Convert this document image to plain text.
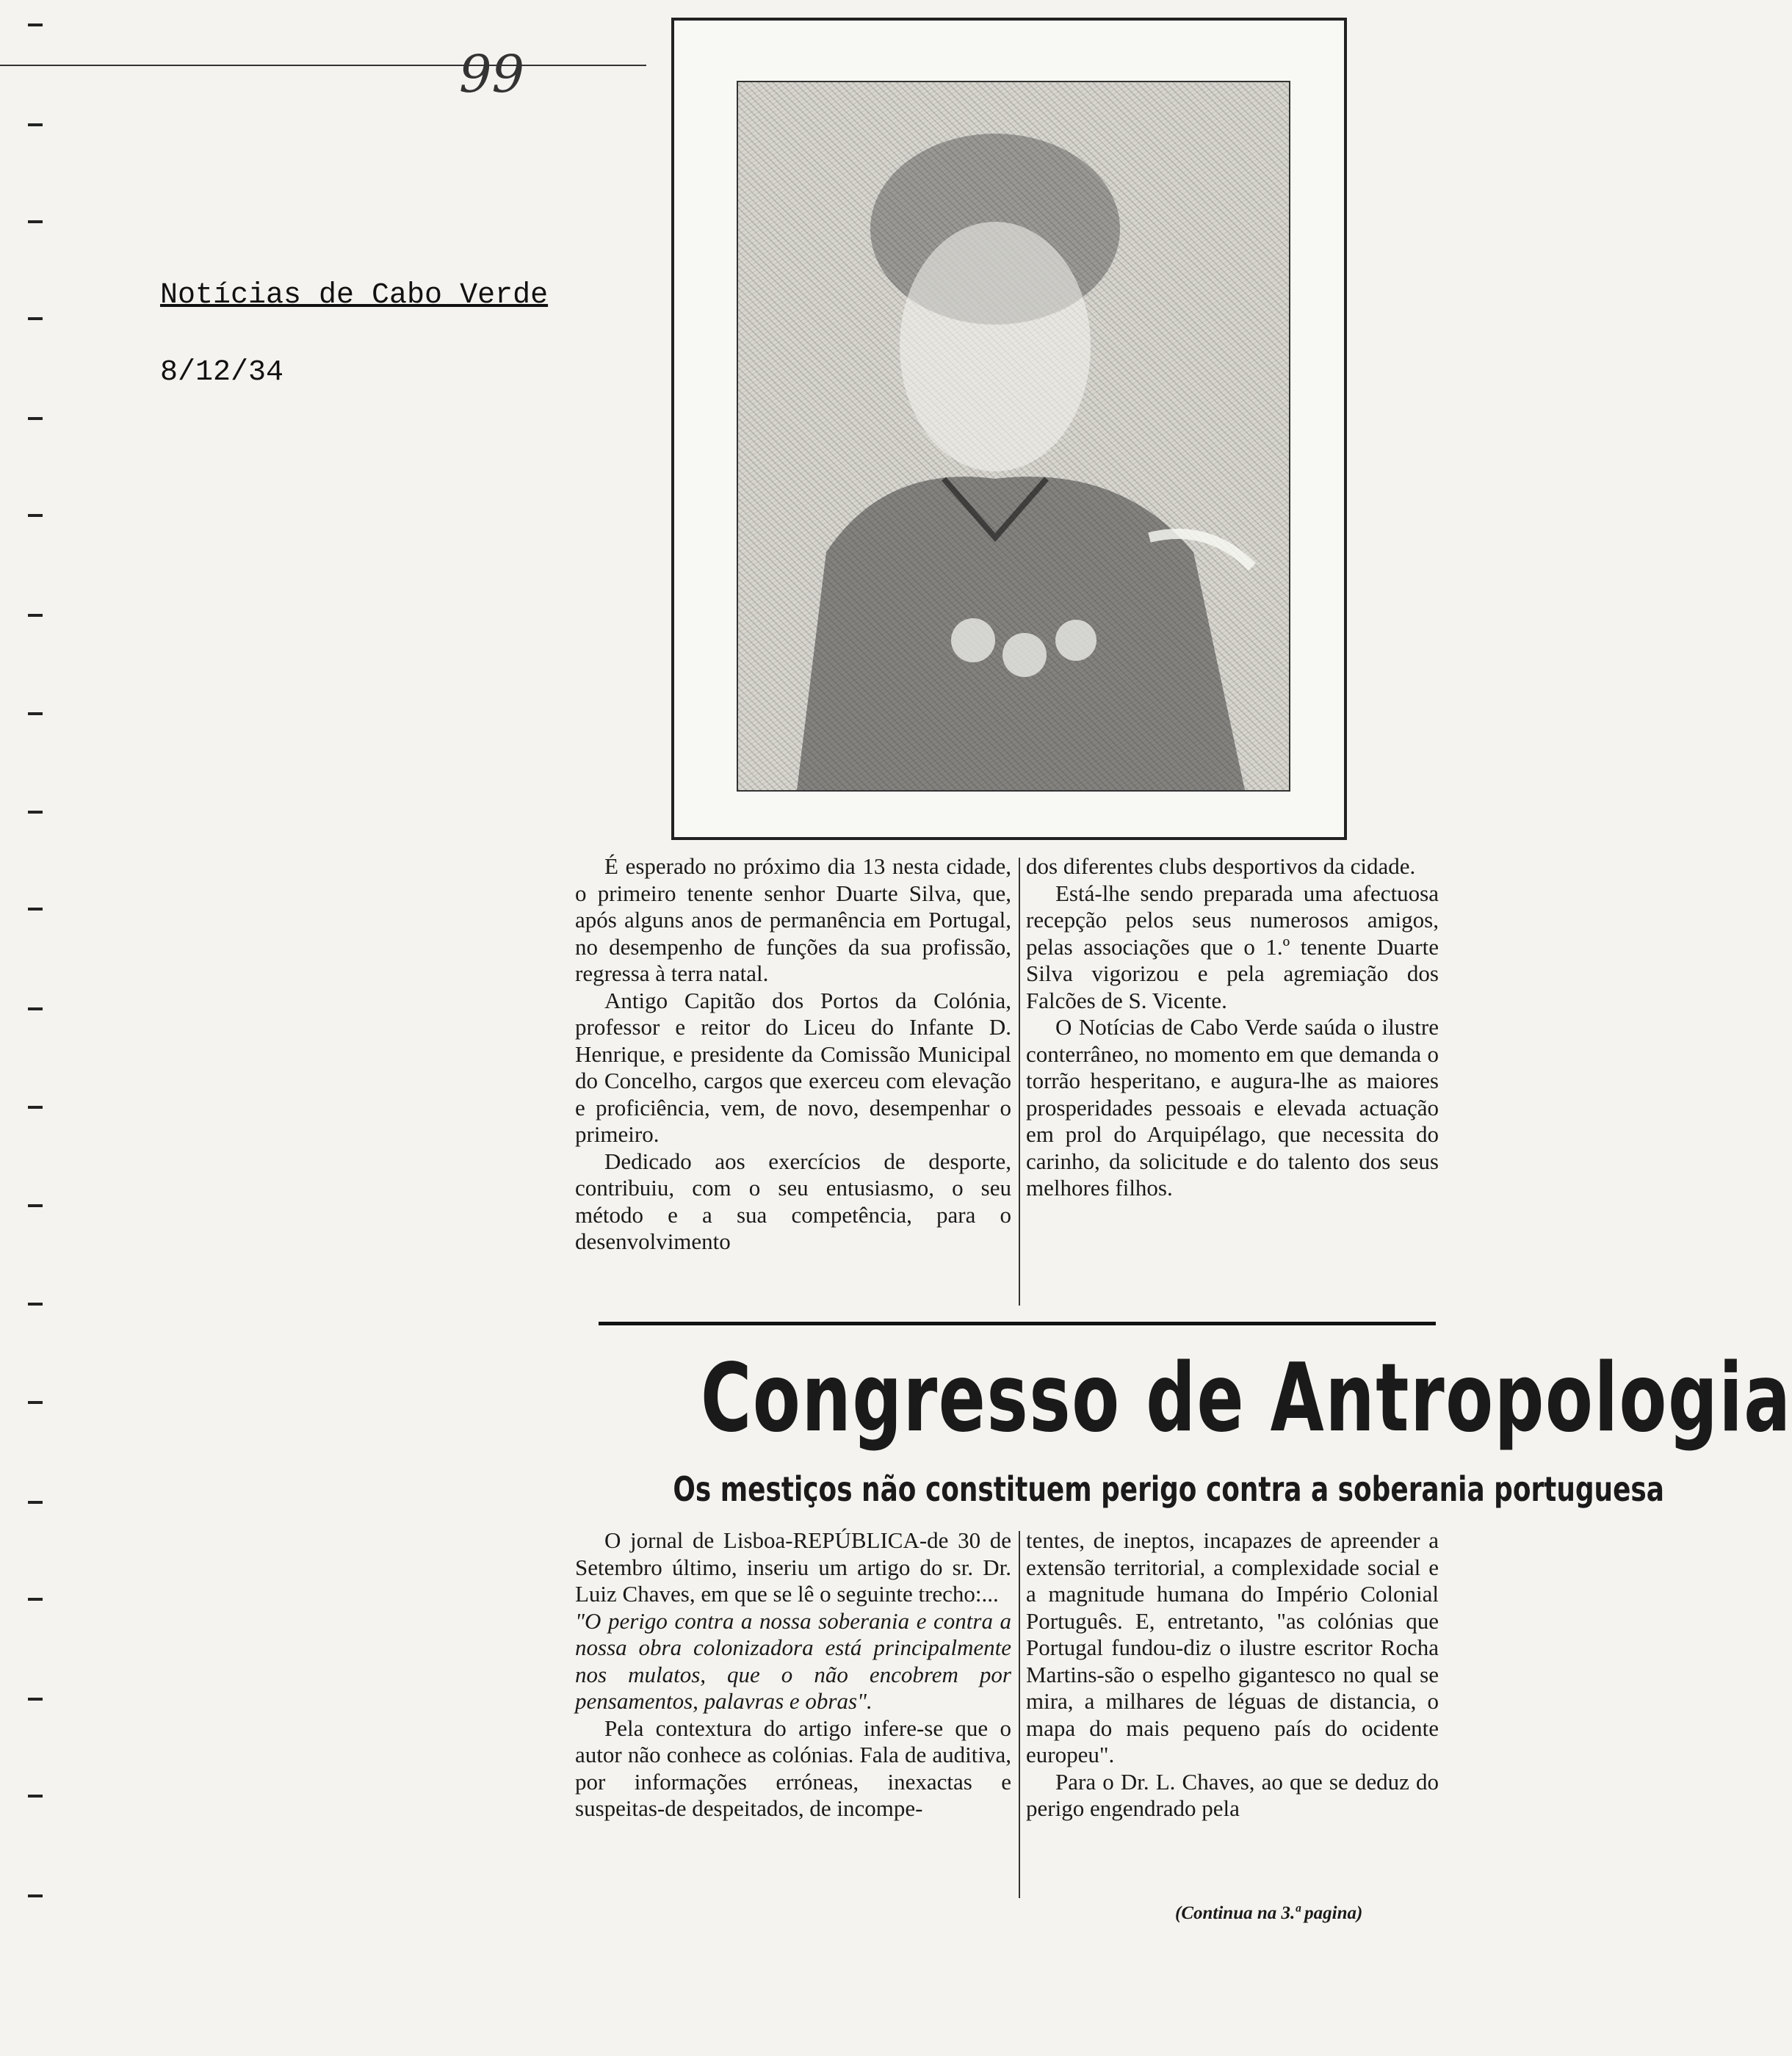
99
Notícias de Cabo Verde
8/12/34

É esperado no próximo dia 13 nesta cidade, o primeiro tenente senhor Duarte Silva, que, após alguns anos de permanência em Portugal, no desempenho de funções da sua profissão, regressa à terra natal.

Antigo Capitão dos Portos da Colónia, professor e reitor do Liceu do Infante D. Henrique, e presidente da Comissão Municipal do Concelho, cargos que exerceu com elevação e proficiência, vem, de novo, desempenhar o primeiro.

Dedicado aos exercícios de desporte, contribuiu, com o seu entusiasmo, o seu método e a sua competência, para o desenvolvimento

dos diferentes clubs desportivos da cidade.

Está-lhe sendo preparada uma afectuosa recepção pelos seus numerosos amigos, pelas associações que o 1.º tenente Duarte Silva vigorizou e pela agremiação dos Falcões de S. Vicente.

O Notícias de Cabo Verde saúda o ilustre conterrâneo, no momento em que demanda o torrão hesperitano, e augura-lhe as maiores prosperidades pessoais e elevada actuação em prol do Arquipélago, que necessita do carinho, da solicitude e do talento dos seus melhores filhos.

Congresso de Antropologia
Os mestiços não constituem perigo contra a soberania portuguesa

O jornal de Lisboa-REPÚBLICA-de 30 de Setembro último, inseriu um artigo do sr. Dr. Luiz Chaves, em que se lê o seguinte trecho:...

"O perigo contra a nossa soberania e contra a nossa obra colonizadora está principalmente nos mulatos, que o não encobrem por pensamentos, palavras e obras".

Pela contextura do artigo infere-se que o autor não conhece as colónias. Fala de auditiva, por informações erróneas, inexactas e suspeitas-de despeitados, de incompe-

tentes, de ineptos, incapazes de apreender a extensão territorial, a complexidade social e a magnitude humana do Império Colonial Português. E, entretanto, "as colónias que Portugal fundou-diz o ilustre escritor Rocha Martins-são o espelho gigantesco no qual se mira, a milhares de léguas de distancia, o mapa do mais pequeno país do ocidente europeu".

Para o Dr. L. Chaves, ao que se deduz do perigo engendrado pela

(Continua na 3.ª pagina)
